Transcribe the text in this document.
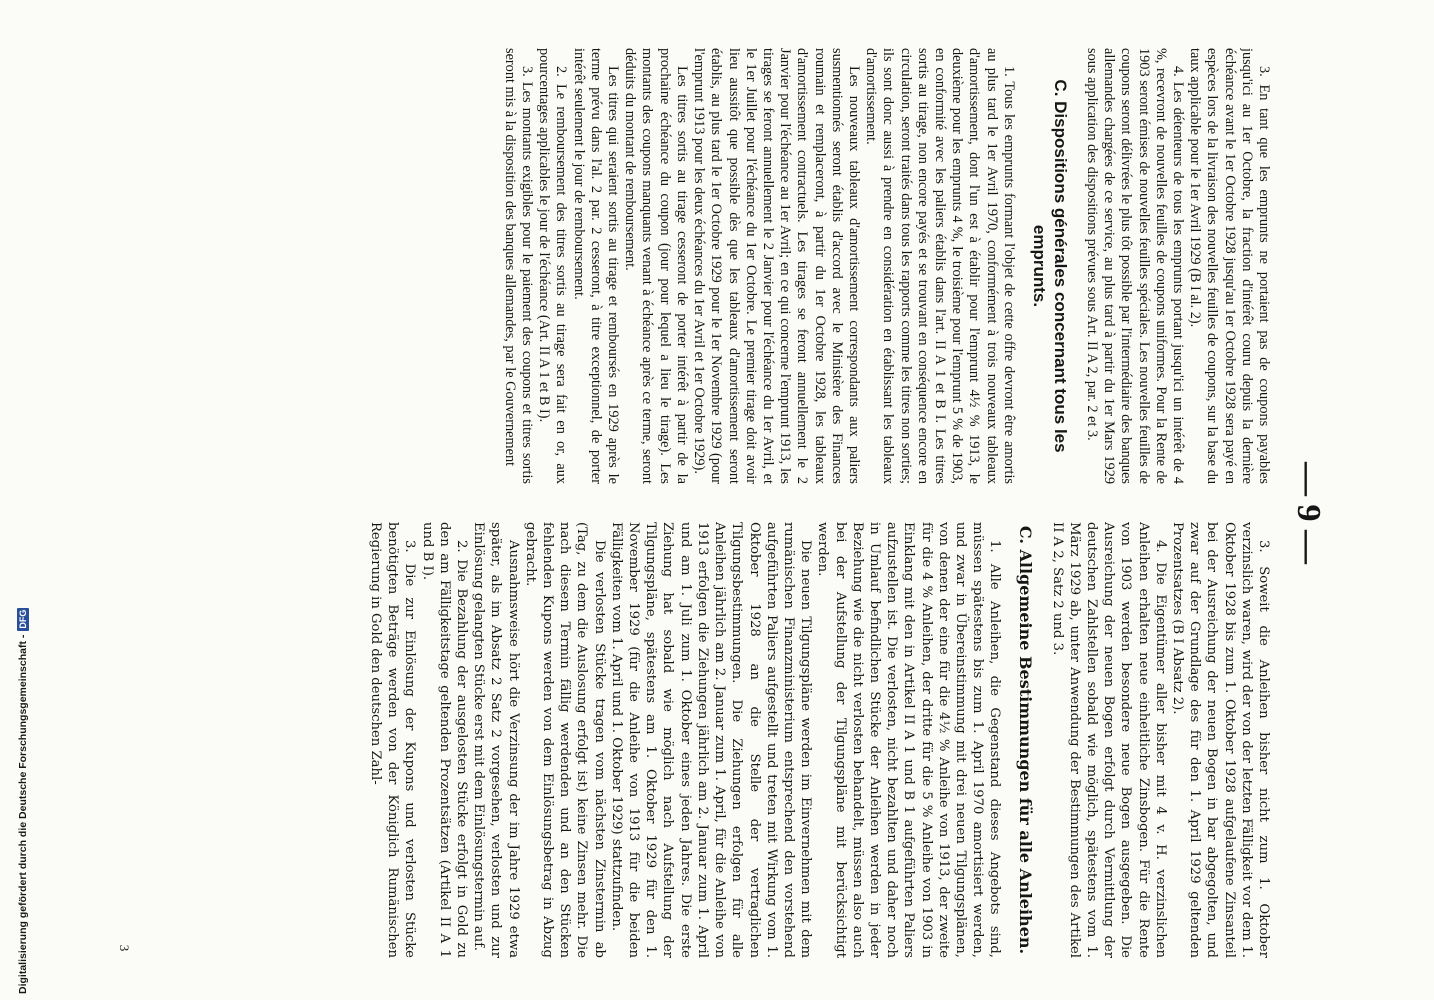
— 9 —

3. En tant que les emprunts ne portaient pas de coupons payables jusqu'ici au 1er Octobre, la fraction d'intérêt couru depuis la dernière échéance avant le 1er Octobre 1928 jusqu'au 1er Octobre 1928 sera payé en espèces lors de la livraison des nouvelles feuilles de coupons, sur la base du taux applicable pour le 1er Avril 1929 (B I al. 2).

4. Les détenteurs de tous les emprunts portant jusqu'ici un intérêt de 4 %, recevront de nouvelles feuilles de coupons uniformes. Pour la Rente de 1903 seront émises de nouvelles feuilles spéciales. Les nouvelles feuilles de coupons seront délivrées le plus tôt possible par l'intermédiaire des banques allemandes chargées de ce service, au plus tard à partir du 1er Mars 1929 sous application des dispositions prévues sous Art. II A 2, par. 2 et 3.

C. Dispositions générales concernant tous les emprunts.

1. Tous les emprunts formant l'objet de cette offre devront être amortis au plus tard le 1er Avril 1970, conformément à trois nouveaux tableaux d'amortissement, dont l'un est à établir pour l'emprunt 4½ % 1913, le deuxième pour les emprunts 4 %, le troisième pour l'emprunt 5 % de 1903, en conformité avec les paliers établis dans l'art. II A 1 et B I. Les titres sortis au tirage, non encore payés et se trouvant en conséquence encore en circulation, seront traités dans tous les rapports comme les titres non sorties; ils sont donc aussi à prendre en considération en établissant les tableaux d'amortissement.

Les nouveaux tableaux d'amortissement correspondants aux paliers susmentionnés seront établis d'accord avec le Ministère des Finances roumain et remplaceront, à partir du 1er Octobre 1928, les tableaux d'amortissement contractuels. Les tirages se feront annuellement le 2 Janvier pour l'échéance au 1er Avril; en ce qui concerne l'emprunt 1913, les tirages se feront annuellement le 2 Janvier pour l'échéance du 1er Avril, et le 1er Juillet pour l'échéance du 1er Octobre. Le premier tirage doit avoir lieu aussitôt que possible dès que les tableaux d'amortissement seront établis, au plus tard le 1er Octobre 1929 pour le 1er Novembre 1929 (pour l'emprunt 1913 pour les deux échéances du 1er Avril et 1er Octobre 1929).

Les titres sortis au tirage cesseront de porter intérêt à partir de la prochaine échéance du coupon (jour pour lequel a lieu le tirage). Les montants des coupons manquants venant à échéance après ce terme, seront déduits du montant de remboursement.

Les titres qui seraient sortis au tirage et remboursés en 1929 après le terme prévu dans l'al. 2 par. 2 cesseront, à titre exceptionnel, de porter intérêt seulement le jour de remboursement.

2. Le remboursement des titres sortis au tirage sera fait en or, aux pourcentages applicables le jour de l'échéance (Art. II A 1 et B I).

3. Les montants exigibles pour le paiement des coupons et titres sortis seront mis à la disposition des banques allemandes, par le Gouvernement

3. Soweit die Anleihen bisher nicht zum 1. Oktober verzinslich waren, wird der von der letzten Fälligkeit vor dem 1. Oktober 1928 bis zum 1. Oktober 1928 aufgelaufene Zinsanteil bei der Ausreichung der neuen Bogen in bar abgegolten, und zwar auf der Grundlage des für den 1. April 1929 geltenden Prozentsatzes (B I Absatz 2).

4. Die Eigentümer aller bisher mit 4 v. H. verzinslichen Anleihen erhalten neue einheitliche Zinsbogen. Für die Rente von 1903 werden besondere neue Bogen ausgegeben. Die Ausreichung der neuen Bogen erfolgt durch Vermittlung der deutschen Zahlstellen sobald wie möglich, spätestens vom 1. März 1929 ab, unter Anwendung der Bestimmungen des Artikel II A 2, Satz 2 und 3.

C. Allgemeine Bestimmungen für alle Anleihen.

1. Alle Anleihen, die Gegenstand dieses Angebots sind, müssen spätestens bis zum 1. April 1970 amortisiert werden, und zwar in Übereinstimmung mit drei neuen Tilgungsplänen, von denen der eine für die 4½ % Anleihe von 1913, der zweite für die 4 % Anleihen, der dritte für die 5 % Anleihe von 1903 in Einklang mit den in Artikel II A 1 und B 1 aufgeführten Paliers aufzustellen ist. Die verlosten, nicht bezahlten und daher noch in Umlauf befindlichen Stücke der Anleihen werden in jeder Beziehung wie die nicht verlosten behandelt, müssen also auch bei der Aufstellung der Tilgungspläne mit berücksichtigt werden.

Die neuen Tilgungspläne werden im Einvernehmen mit dem rumänischen Finanzministerium entsprechend den vorstehend aufgeführten Paliers aufgestellt und treten mit Wirkung vom 1. Oktober 1928 an die Stelle der vertraglichen Tilgungsbestimmungen. Die Ziehungen erfolgen für alle Anleihen jährlich am 2. Januar zum 1. April, für die Anleihe von 1913 erfolgen die Ziehungen jährlich am 2. Januar zum 1. April und am 1. Juli zum 1. Oktober eines jeden Jahres. Die erste Ziehung hat sobald wie möglich nach Aufstellung der Tilgungspläne, spätestens am 1. Oktober 1929 für den 1. November 1929 (für die Anleihe von 1913 für die beiden Fälligkeiten vom 1. April und 1. Oktober 1929) stattzufinden.

Die verlosten Stücke tragen vom nächsten Zinstermin ab (Tag, zu dem die Auslosung erfolgt ist) keine Zinsen mehr. Die nach diesem Termin fällig werdenden und an den Stücken fehlenden Kupons werden von dem Einlösungsbetrag in Abzug gebracht.

Ausnahmsweise hört die Verzinsung der im Jahre 1929 etwa später, als im Absatz 2 Satz 2 vorgesehen, verlosten und zur Einlösung gelangten Stücke erst mit dem Einlösungstermin auf.

2. Die Bezahlung der ausgelosten Stücke erfolgt in Gold zu den am Fälligkeitstage geltenden Prozentsätzen (Artikel II A 1 und B I).

3. Die zur Einlösung der Kupons und verlosten Stücke benötigten Beträge werden von der Königlich Rumänischen Regierung in Gold den deutschen Zahl-

3
Digitalisierung gefördert durch die Deutsche Forschungsgemeinschaft -
DFG
